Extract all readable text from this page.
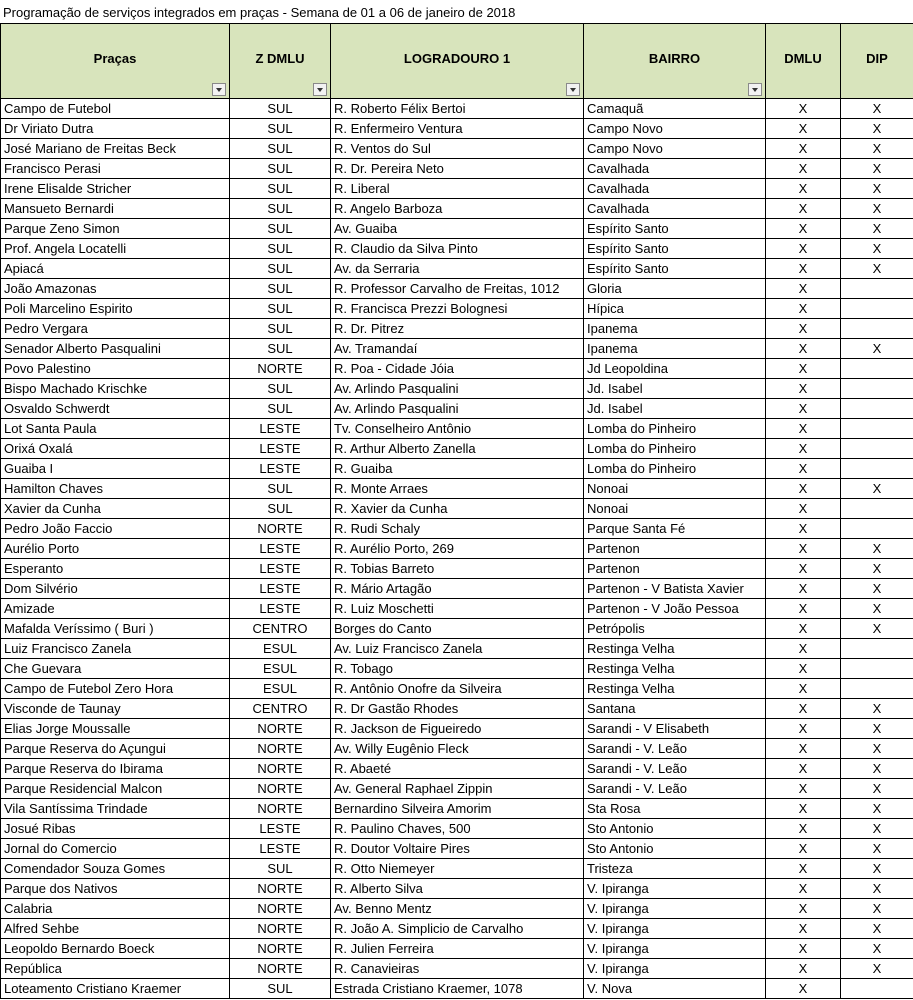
Programação de serviços integrados em praças - Semana de 01 a 06 de janeiro de 2018
Praças	Z DMLU	LOGRADOURO 1	BAIRRO	DMLU	DIP

Campo de Futebol	SUL	R. Roberto Félix Bertoi	Camaquã	X	X
Dr Viriato Dutra	SUL	R. Enfermeiro Ventura	Campo Novo	X	X
José Mariano de Freitas Beck	SUL	R. Ventos do Sul	Campo Novo	X	X
Francisco Perasi	SUL	R. Dr. Pereira Neto	Cavalhada	X	X
Irene Elisalde Stricher	SUL	R. Liberal	Cavalhada	X	X
Mansueto Bernardi	SUL	R. Angelo Barboza	Cavalhada	X	X
Parque Zeno Simon	SUL	Av. Guaiba	Espírito Santo	X	X
Prof. Angela Locatelli	SUL	R. Claudio da Silva Pinto	Espírito Santo	X	X
Apiacá	SUL	Av. da Serraria	Espírito Santo	X	X
João Amazonas	SUL	R. Professor Carvalho de Freitas, 1012	Gloria	X	
Poli Marcelino Espirito	SUL	R. Francisca Prezzi Bolognesi	Hípica	X	
Pedro Vergara	SUL	R. Dr. Pitrez	Ipanema	X	
Senador Alberto Pasqualini	SUL	Av. Tramandaí	Ipanema	X	X
Povo Palestino	NORTE	R. Poa - Cidade Jóia	Jd Leopoldina	X	
Bispo Machado Krischke	SUL	Av. Arlindo Pasqualini	Jd. Isabel	X	
Osvaldo Schwerdt	SUL	Av. Arlindo Pasqualini	Jd. Isabel	X	
Lot Santa Paula	LESTE	Tv. Conselheiro Antônio	Lomba do Pinheiro	X	
Orixá Oxalá	LESTE	R. Arthur Alberto Zanella	Lomba do Pinheiro	X	
Guaiba I	LESTE	R. Guaiba	Lomba do Pinheiro	X	
Hamilton Chaves	SUL	R. Monte Arraes	Nonoai	X	X
Xavier da Cunha	SUL	R. Xavier da Cunha	Nonoai	X	
Pedro João Faccio	NORTE	R. Rudi Schaly	Parque Santa Fé	X	
Aurélio Porto	LESTE	R. Aurélio Porto, 269	Partenon	X	X
Esperanto	LESTE	R. Tobias Barreto	Partenon	X	X
Dom Silvério	LESTE	R. Mário Artagão	Partenon - V Batista Xavier	X	X
Amizade	LESTE	R. Luiz Moschetti	Partenon - V João Pessoa	X	X
Mafalda Veríssimo ( Buri )	CENTRO	Borges do Canto	Petrópolis	X	X
Luiz Francisco Zanela	ESUL	Av. Luiz Francisco Zanela	Restinga Velha	X	
Che Guevara	ESUL	R. Tobago	Restinga Velha	X	
Campo de Futebol Zero Hora	ESUL	R. Antônio Onofre da Silveira	Restinga Velha	X	
Visconde de Taunay	CENTRO	R. Dr Gastão Rhodes	Santana	X	X
Elias Jorge Moussalle	NORTE	R. Jackson de Figueiredo	Sarandi - V Elisabeth	X	X
Parque Reserva do Açungui	NORTE	Av. Willy Eugênio Fleck	Sarandi - V. Leão	X	X
Parque Reserva do Ibirama	NORTE	R. Abaeté	Sarandi - V. Leão	X	X
Parque Residencial Malcon	NORTE	Av. General Raphael Zippin	Sarandi - V. Leão	X	X
Vila Santíssima Trindade	NORTE	Bernardino Silveira Amorim	Sta Rosa	X	X
Josué Ribas	LESTE	R. Paulino Chaves, 500	Sto Antonio	X	X
Jornal do Comercio	LESTE	R. Doutor Voltaire Pires	Sto Antonio	X	X
Comendador Souza Gomes	SUL	R. Otto Niemeyer	Tristeza	X	X
Parque dos Nativos	NORTE	R. Alberto Silva	V. Ipiranga	X	X
Calabria	NORTE	Av. Benno Mentz	V. Ipiranga	X	X
Alfred Sehbe	NORTE	R. João A. Simplicio de Carvalho	V. Ipiranga	X	X
Leopoldo Bernardo Boeck	NORTE	R. Julien Ferreira	V. Ipiranga	X	X
República	NORTE	R. Canavieiras	V. Ipiranga	X	X
Loteamento Cristiano Kraemer	SUL	Estrada Cristiano Kraemer, 1078	V. Nova	X	
